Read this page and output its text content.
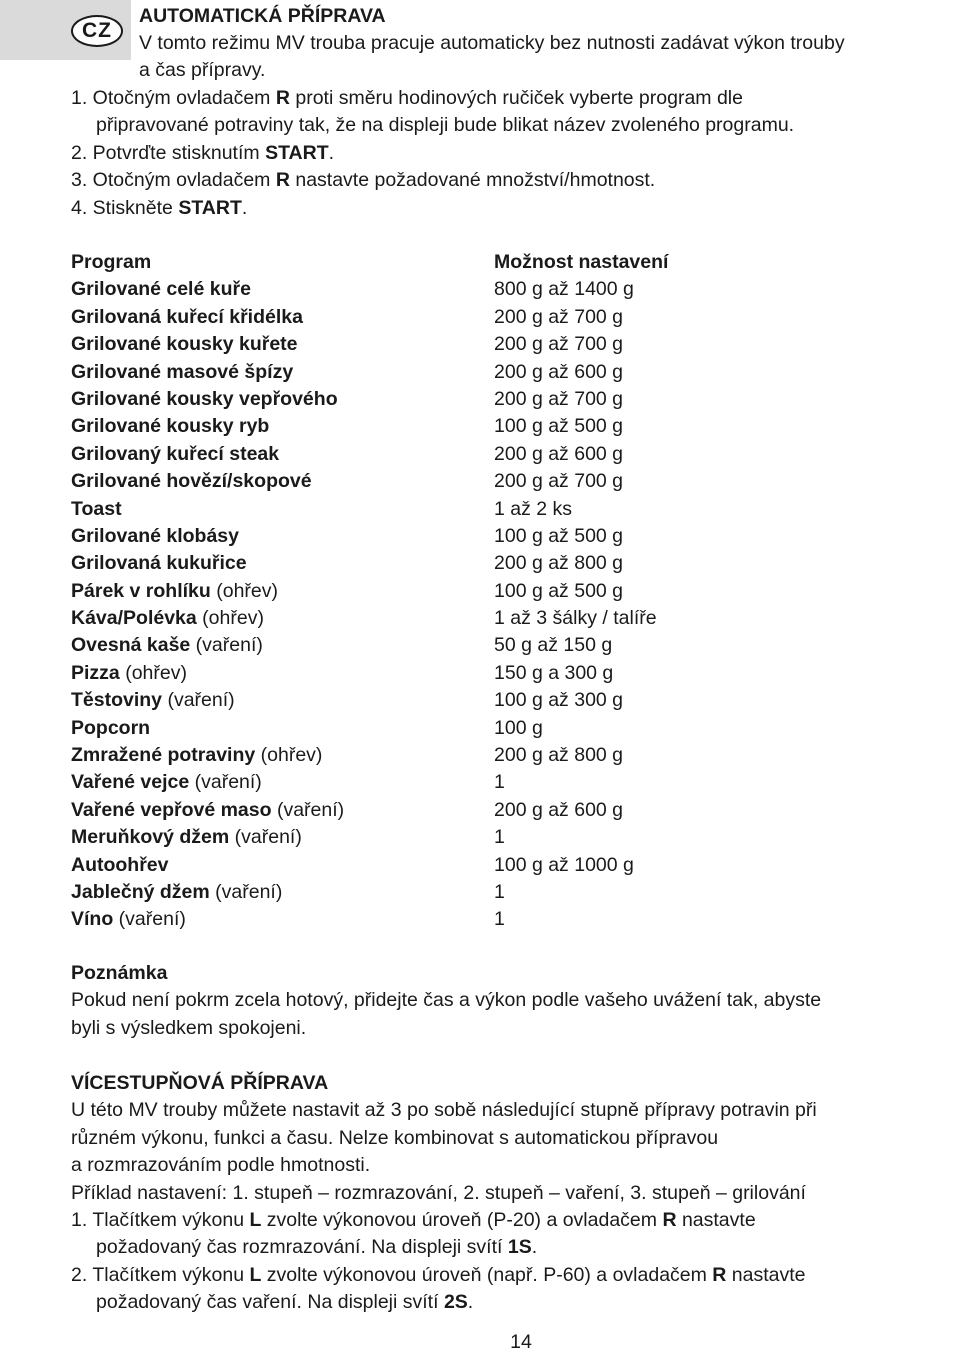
CZ
AUTOMATICKÁ PŘÍPRAVA
V tomto režimu MV trouba pracuje automaticky bez nutnosti zadávat výkon trouby
a čas přípravy.
1. Otočným ovladačem R proti směru hodinových ručiček vyberte program dle
připravované potraviny tak, že na displeji bude blikat název zvoleného programu.
2. Potvrďte stisknutím START.
3. Otočným ovladačem R nastavte požadované množství/hmotnost.
4. Stiskněte START.
Program	Možnost nastavení
Grilované celé kuře	800 g až 1400 g
Grilovaná kuřecí křidélka	200 g až 700 g
Grilované kousky kuřete	200 g až 700 g
Grilované masové špízy	200 g až 600 g
Grilované kousky vepřového	200 g až 700 g
Grilované kousky ryb	100 g až 500 g
Grilovaný kuřecí steak	200 g až 600 g
Grilované hovězí/skopové	200 g až 700 g
Toast	1 až 2 ks
Grilované klobásy	100 g až 500 g
Grilovaná kukuřice	200 g až 800 g
Párek v rohlíku (ohřev)	100 g až 500 g
Káva/Polévka (ohřev)	1 až 3 šálky / talíře
Ovesná kaše (vaření)	50 g až 150 g
Pizza (ohřev)	150 g a 300 g
Těstoviny (vaření)	100 g až 300 g
Popcorn	100 g
Zmražené potraviny (ohřev)	200 g až 800 g
Vařené vejce (vaření)	1
Vařené vepřové maso (vaření)	200 g až 600 g
Meruňkový džem (vaření)	1
Autoohřev	100 g až 1000 g
Jablečný džem (vaření)	1
Víno (vaření)	1
Poznámka
Pokud není pokrm zcela hotový, přidejte čas a výkon podle vašeho uvážení tak, abyste
byli s výsledkem spokojeni.
VÍCESTUPŇOVÁ PŘÍPRAVA
U této MV trouby můžete nastavit až 3 po sobě následující stupně přípravy potravin při
různém výkonu, funkci a času. Nelze kombinovat s automatickou přípravou
a rozmrazováním podle hmotnosti.
Příklad nastavení: 1. stupeň – rozmrazování, 2. stupeň – vaření, 3. stupeň – grilování
1. Tlačítkem výkonu L zvolte výkonovou úroveň (P-20) a ovladačem R nastavte
požadovaný čas rozmrazování. Na displeji svítí 1S.
2. Tlačítkem výkonu L zvolte výkonovou úroveň (např. P-60) a ovladačem R nastavte
požadovaný čas vaření. Na displeji svítí 2S.
14
